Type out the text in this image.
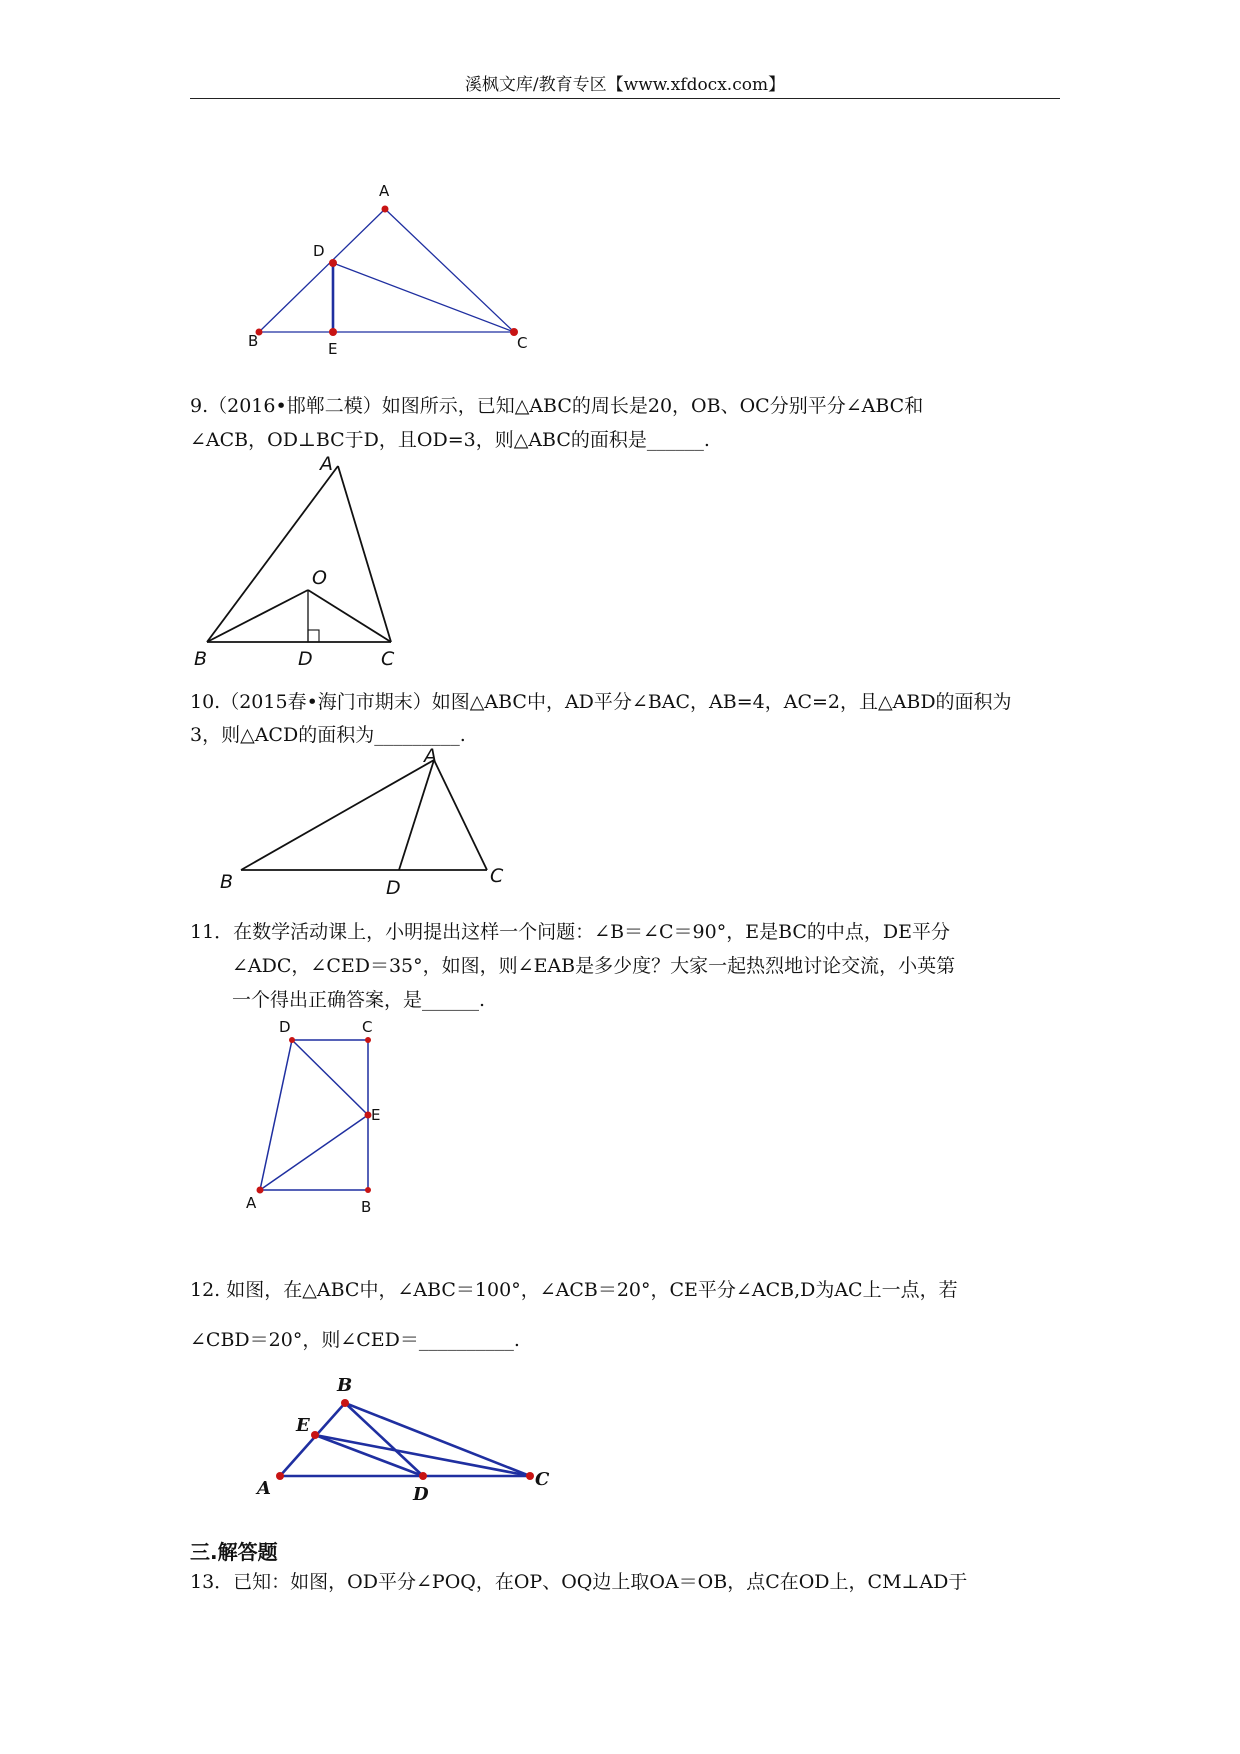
溪枫文库/教育专区【www.xfdocx.com】
A
D
B	E	C
9.（2016•邯郸二模）如图所示，已知△ABC的周长是20，OB、OC分别平分∠ABC和
∠ACB，OD⊥BC于D，且OD=3，则△ABC的面积是______.
A
O
B	D	C
10.（2015春•海门市期末）如图△ABC中，AD平分∠BAC，AB=4，AC=2，且△ABD的面积为
3，则△ACD的面积为_________.
A
B	D
C
11．在数学活动课上，小明提出这样一个问题：∠B＝∠C＝90°，E是BC的中点，DE平分
∠ADC，∠CED＝35°，如图，则∠EAB是多少度？大家一起热烈地讨论交流，小英第
一个得出正确答案，是______.
D	C
E
A	B
12. 如图，在△ABC中，∠ABC＝100°，∠ACB＝20°，CE平分∠ACB,D为AC上一点，若
∠CBD＝20°，则∠CED＝__________.
B
E
A	D
C
三.解答题
13．已知：如图，OD平分∠POQ，在OP、OQ边上取OA＝OB，点C在OD上，CM⊥AD于
